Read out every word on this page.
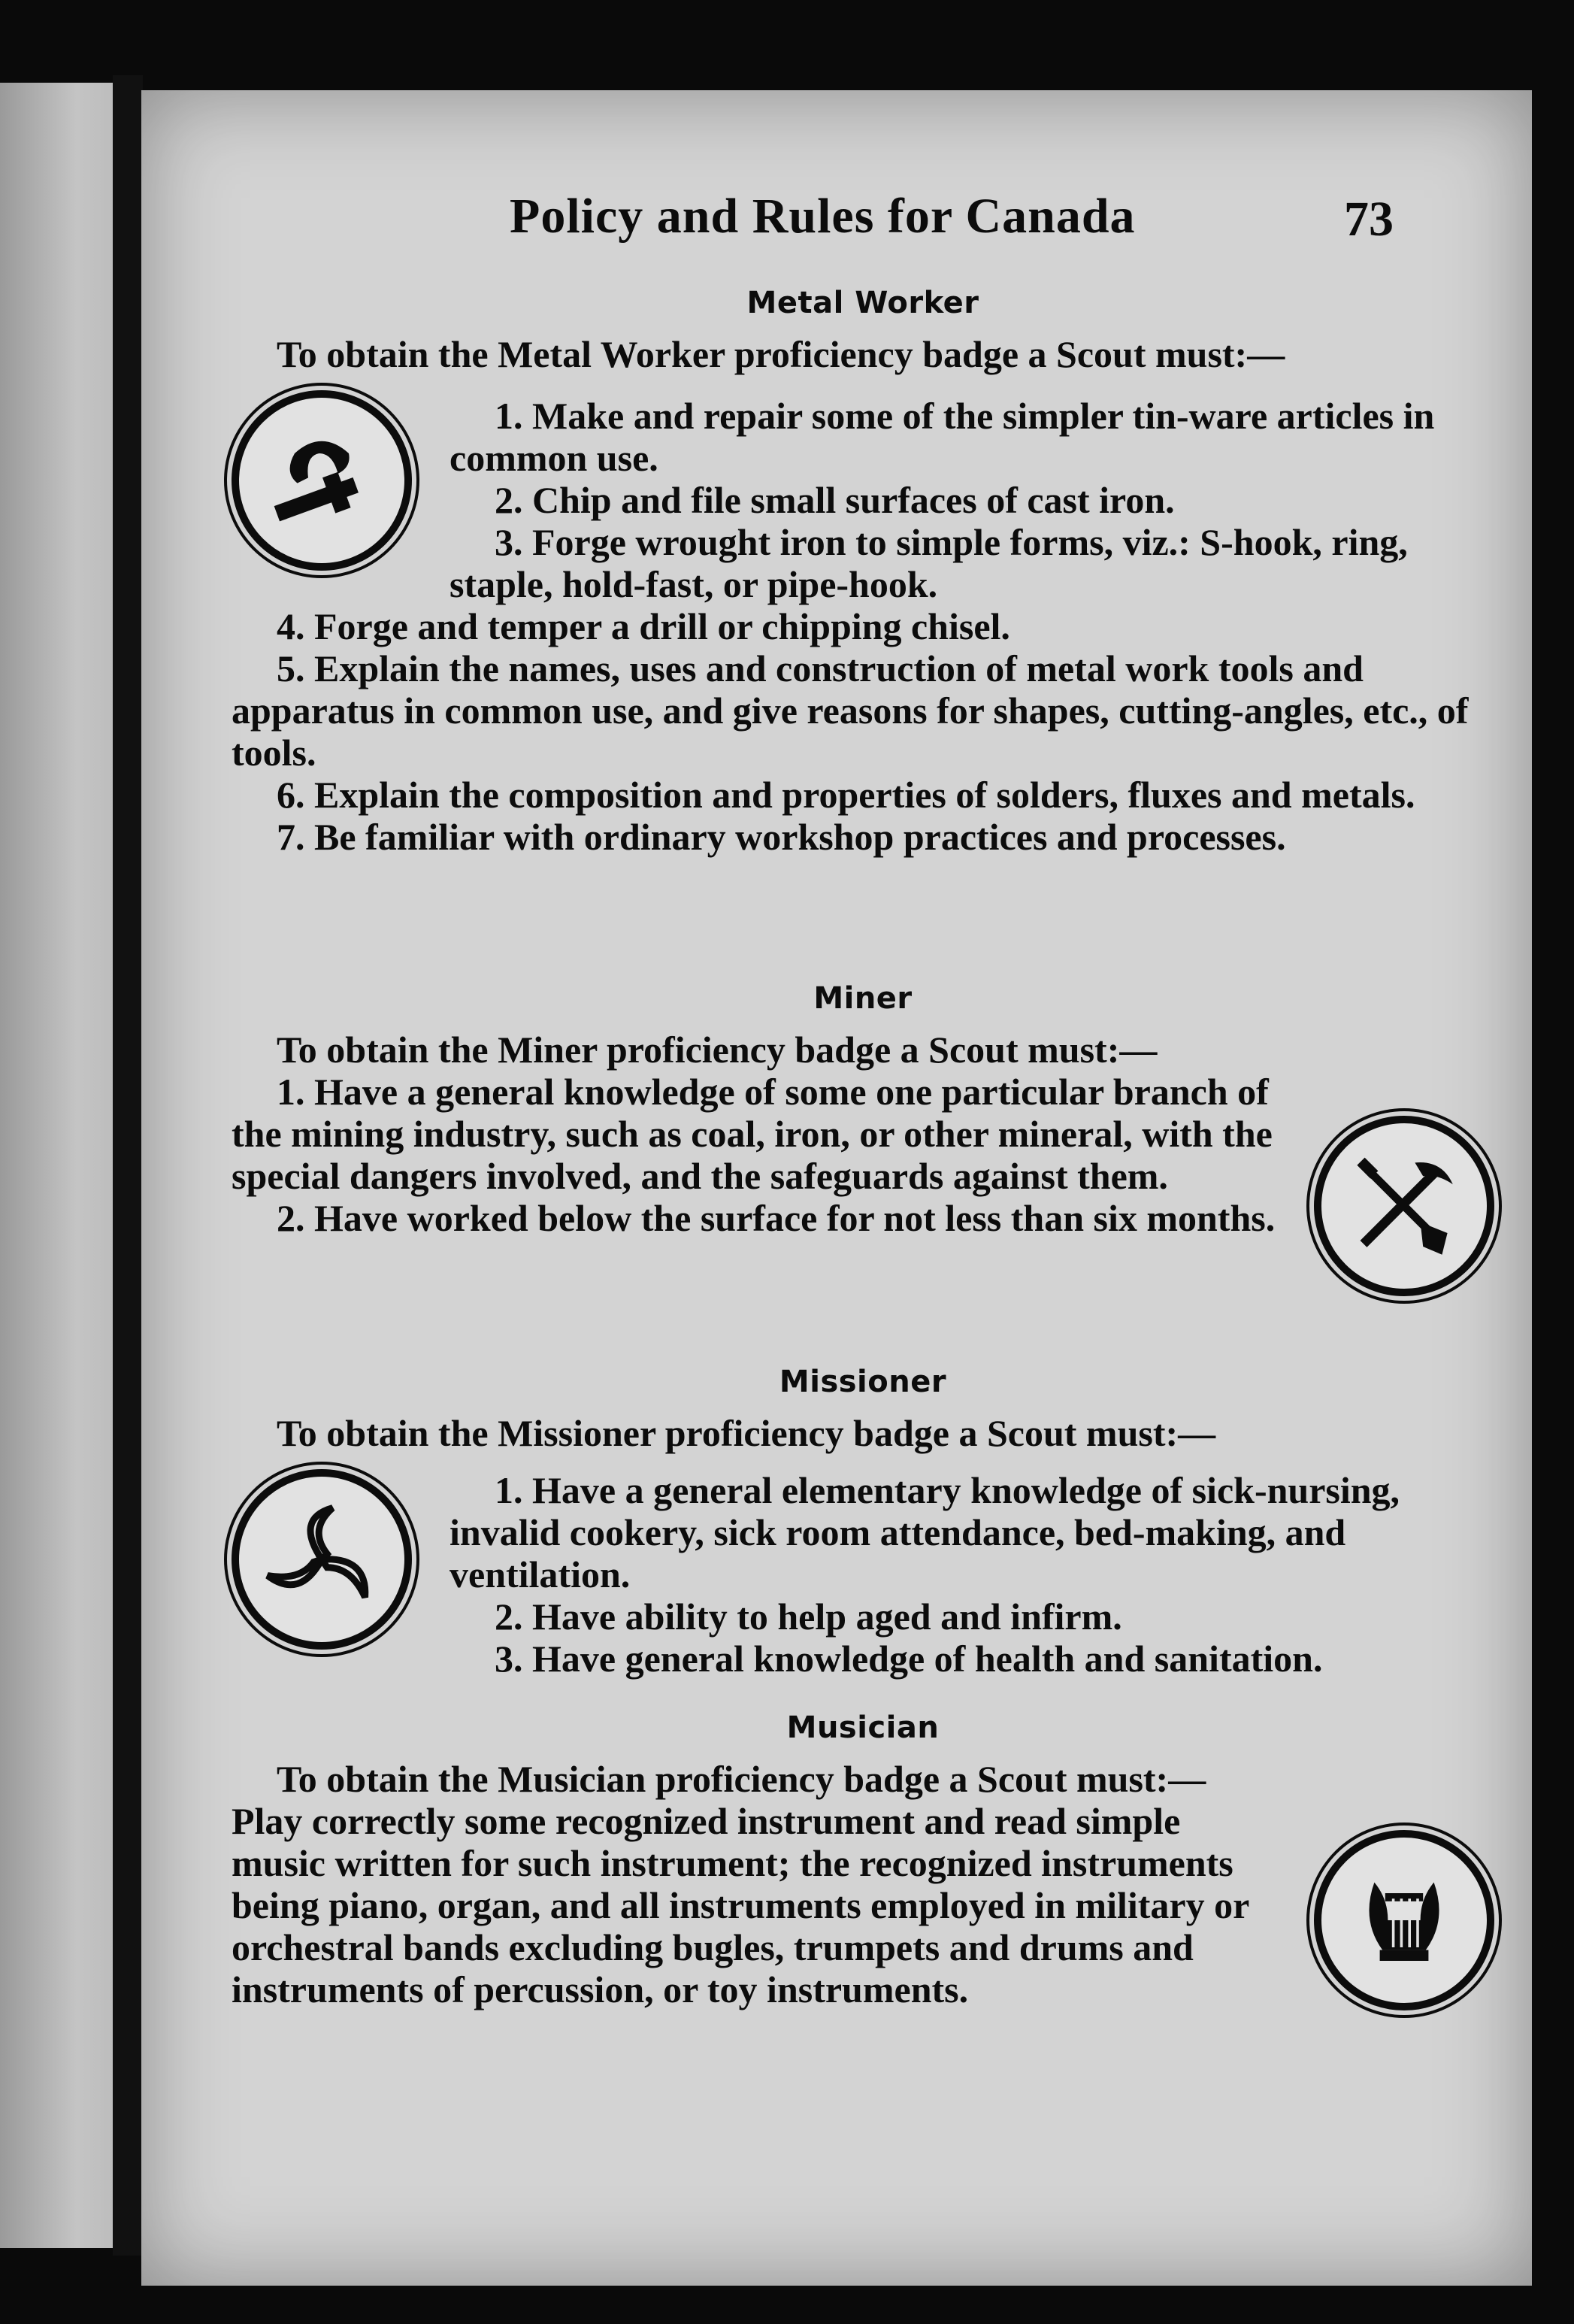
Policy and Rules for Canada	73

Metal Worker

To obtain the Metal Worker proficiency badge a Scout must:—

1. Make and repair some of the simpler tin-ware articles in common use.

2. Chip and file small surfaces of cast iron.

3. Forge wrought iron to simple forms, viz.: S-hook, ring, staple, hold-fast, or pipe-hook.

4. Forge and temper a drill or chipping chisel.

5. Explain the names, uses and construction of metal work tools and apparatus in common use, and give reasons for shapes, cutting-angles, etc., of tools.

6. Explain the composition and properties of solders, fluxes and metals.

7. Be familiar with ordinary workshop practices and processes.

Miner

To obtain the Miner proficiency badge a Scout must:—

1. Have a general knowledge of some one particular branch of the mining industry, such as coal, iron, or other mineral, with the special dangers involved, and the safeguards against them.

2. Have worked below the surface for not less than six months.

Missioner

To obtain the Missioner proficiency badge a Scout must:—

1. Have a general elementary knowledge of sick-nursing, invalid cookery, sick room attendance, bed-making, and ventilation.

2. Have ability to help aged and infirm.

3. Have general knowledge of health and sanitation.

Musician

To obtain the Musician proficiency badge a Scout must:—

Play correctly some recognized instrument and read simple music written for such instrument; the recognized instruments being piano, organ, and all instruments employed in military or orchestral bands excluding bugles, trumpets and drums and instruments of percussion, or toy instruments.
